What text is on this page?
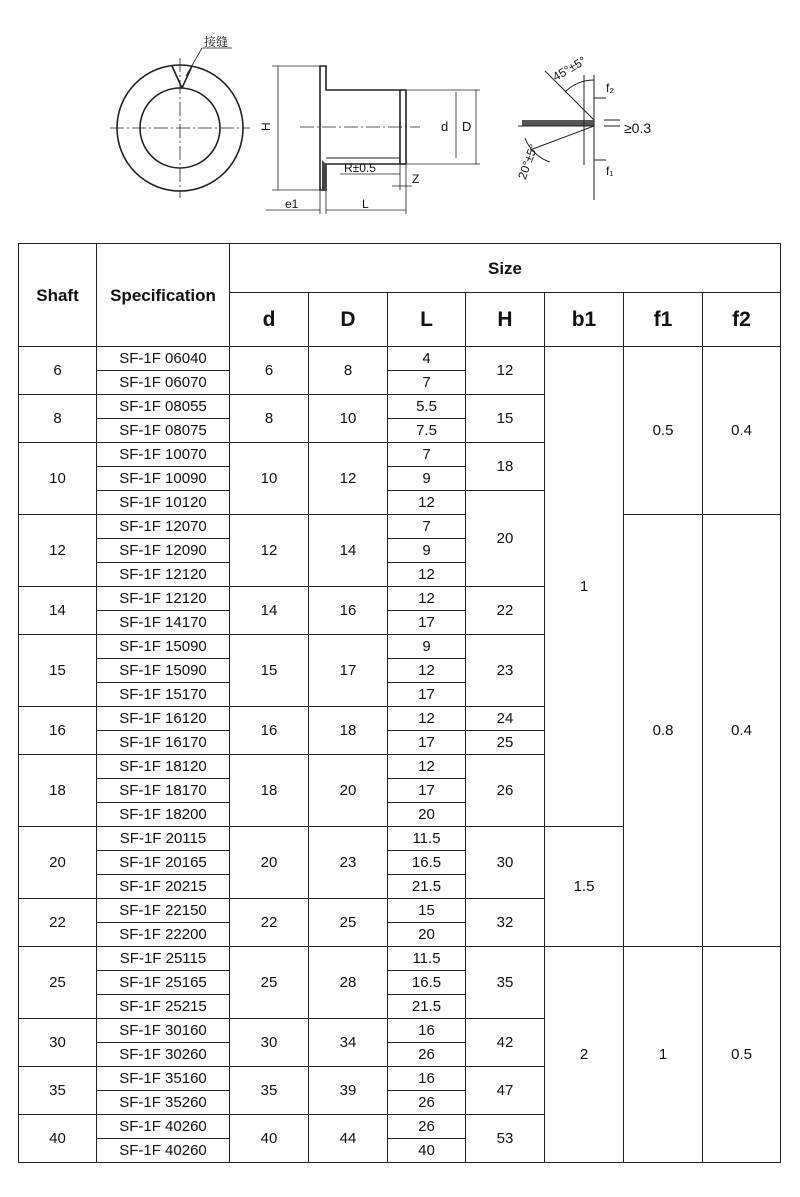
接缝
H	d D
R±0.5
Z
e1	L
45°±5°
20°±5°
f₂
f₁
≥0.3
Shaft	Specification	Size						
		d	D	L	H	b1	f1	f2
6	SF-1F 06040	6	8	4	12	1	0.5	0.4
	SF-1F 06070			7				
8	SF-1F 08055	8	10	5.5	15			
	SF-1F 08075			7.5				
10	SF-1F 10070	10	12	7	18			
	SF-1F 10090			9				
	SF-1F 10120			12	20			
12	SF-1F 12070	12	14	7			0.8	0.4
	SF-1F 12090			9				
	SF-1F 12120			12				
14	SF-1F 12120	14	16	12	22			
	SF-1F 14170			17				
15	SF-1F 15090	15	17	9	23			
	SF-1F 15090			12				
	SF-1F 15170			17				
16	SF-1F 16120	16	18	12	24			
	SF-1F 16170			17	25			
18	SF-1F 18120	18	20	12	26			
	SF-1F 18170			17				
	SF-1F 18200			20				
20	SF-1F 20115	20	23	11.5	30	1.5		
	SF-1F 20165			16.5				
	SF-1F 20215			21.5				
22	SF-1F 22150	22	25	15	32			
	SF-1F 22200			20				
25	SF-1F 25115	25	28	11.5	35	2	1	0.5
	SF-1F 25165			16.5				
	SF-1F 25215			21.5				
30	SF-1F 30160	30	34	16	42			
	SF-1F 30260			26				
35	SF-1F 35160	35	39	16	47			
	SF-1F 35260			26				
40	SF-1F 40260	40	44	26	53			
	SF-1F 40260			40				
